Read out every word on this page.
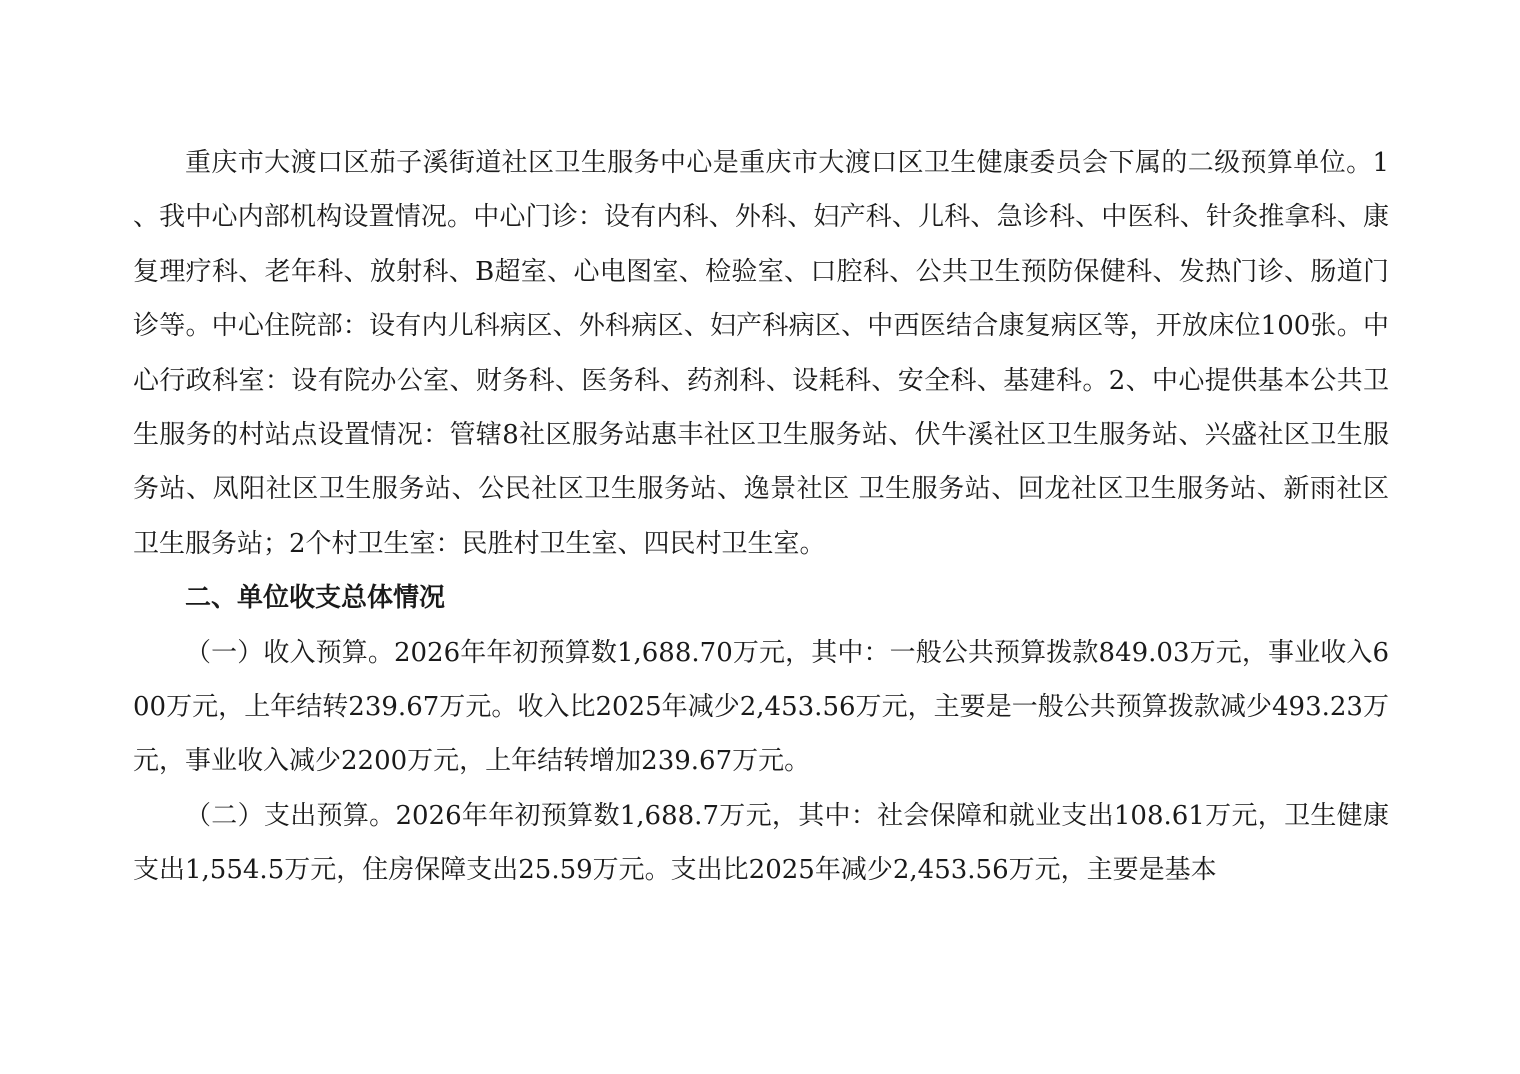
重庆市大渡口区茄子溪街道社区卫生服务中心是重庆市大渡口区卫生健康委员会下属的二级预算单位。1、我中心内部机构设置情况。中心门诊：设有内科、外科、妇产科、儿科、急诊科、中医科、针灸推拿科、康复理疗科、老年科、放射科、B超室、心电图室、检验室、口腔科、公共卫生预防保健科、发热门诊、肠道门诊等。中心住院部：设有内儿科病区、外科病区、妇产科病区、中西医结合康复病区等，开放床位100张。中心行政科室：设有院办公室、财务科、医务科、药剂科、设耗科、安全科、基建科。2、中心提供基本公共卫生服务的村站点设置情况：管辖8社区服务站惠丰社区卫生服务站、伏牛溪社区卫生服务站、兴盛社区卫生服务站、凤阳社区卫生服务站、公民社区卫生服务站、逸景社区 卫生服务站、回龙社区卫生服务站、新雨社区卫生服务站；2个村卫生室：民胜村卫生室、四民村卫生室。

二、单位收支总体情况

（一）收入预算。2026年年初预算数1,688.70万元，其中：一般公共预算拨款849.03万元，事业收入600万元，上年结转239.67万元。收入比2025年减少2,453.56万元，主要是一般公共预算拨款减少493.23万元，事业收入减少2200万元，上年结转增加239.67万元。

（二）支出预算。2026年年初预算数1,688.7万元，其中：社会保障和就业支出108.61万元，卫生健康支出1,554.5万元，住房保障支出25.59万元。支出比2025年减少2,453.56万元，主要是基本
